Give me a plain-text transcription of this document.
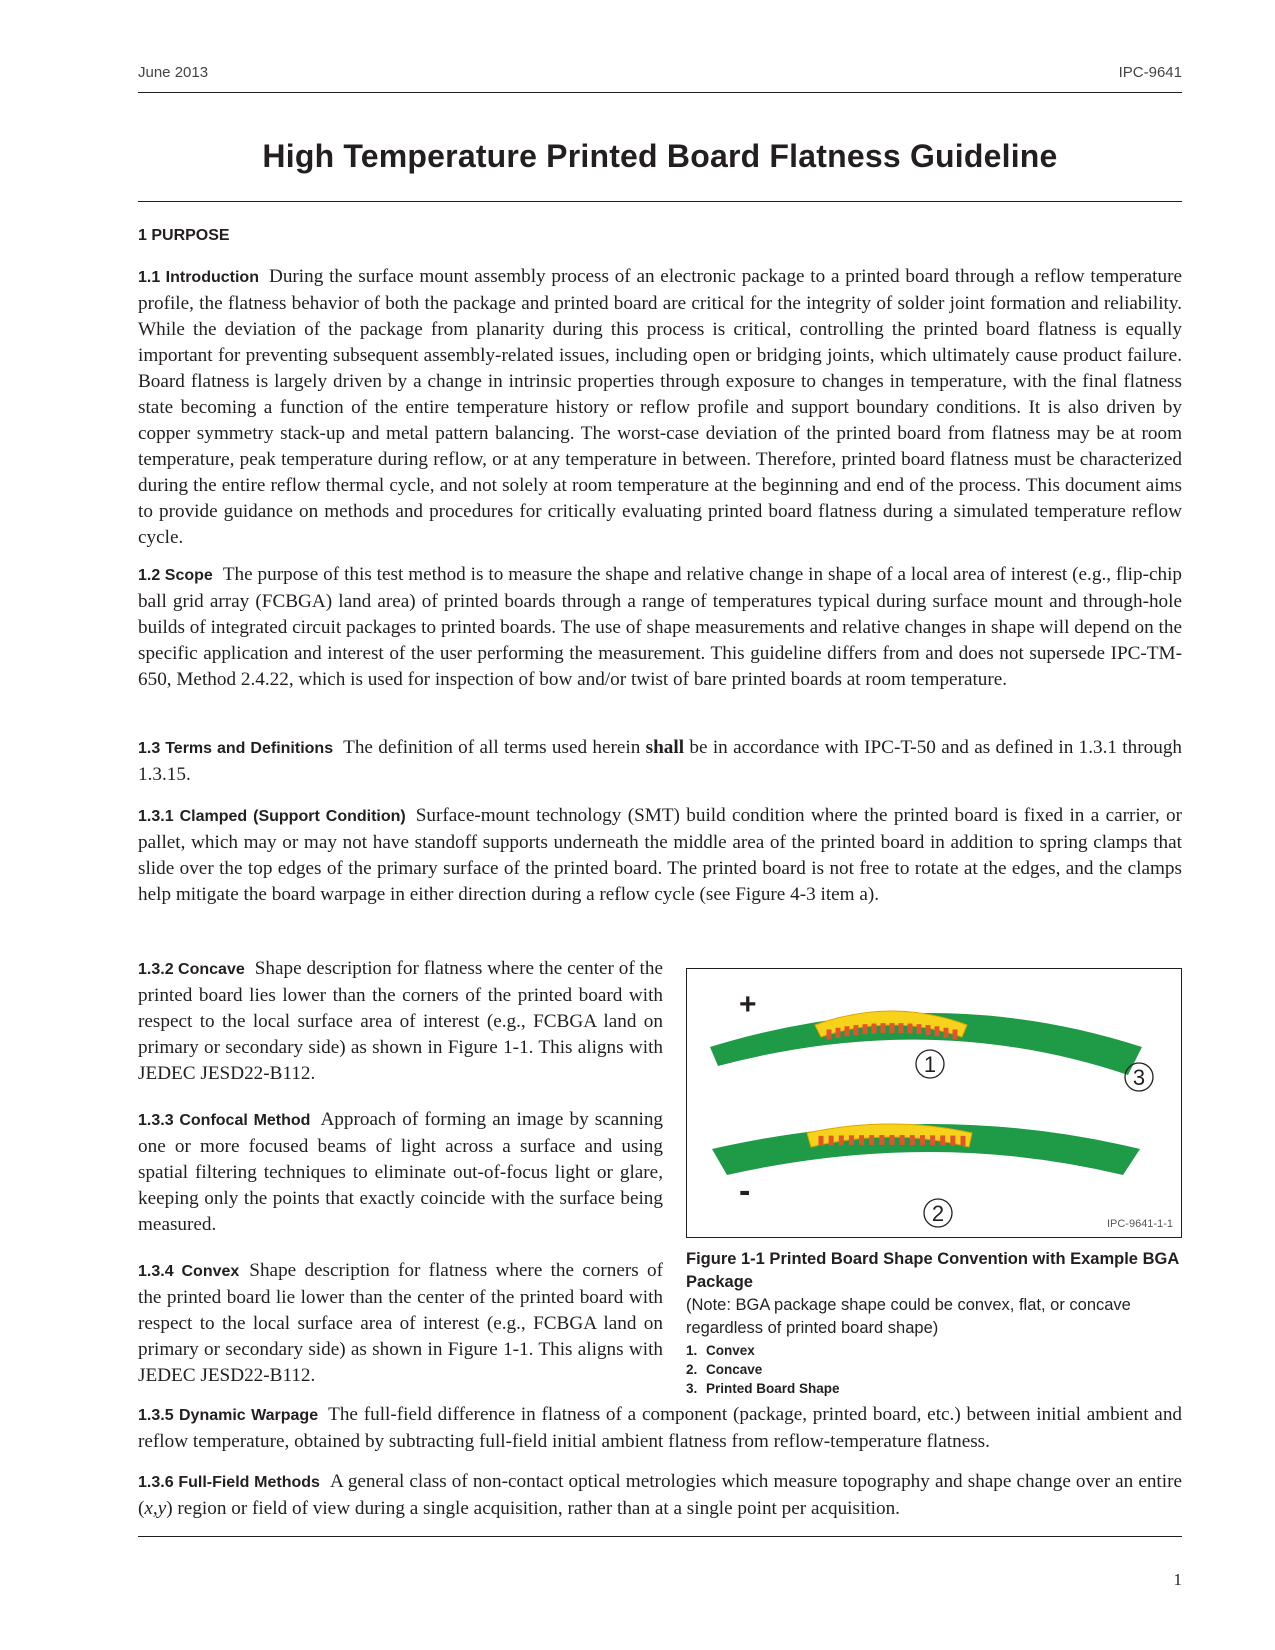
June 2013	IPC-9641
High Temperature Printed Board Flatness Guideline
1 PURPOSE
1.1 Introduction During the surface mount assembly process of an electronic package to a printed board through a reflow temperature profile, the flatness behavior of both the package and printed board are critical for the integrity of solder joint formation and reliability. While the deviation of the package from planarity during this process is critical, controlling the printed board flatness is equally important for preventing subsequent assembly-related issues, including open or bridging joints, which ultimately cause product failure. Board flatness is largely driven by a change in intrinsic properties through exposure to changes in temperature, with the final flatness state becoming a function of the entire temperature history or reflow profile and support boundary conditions. It is also driven by copper symmetry stack-up and metal pattern balancing. The worst-case deviation of the printed board from flatness may be at room temperature, peak temperature during reflow, or at any temperature in between. Therefore, printed board flatness must be characterized during the entire reflow thermal cycle, and not solely at room temperature at the beginning and end of the process. This document aims to provide guidance on methods and procedures for critically evaluating printed board flatness during a simulated temperature reflow cycle.
1.2 Scope The purpose of this test method is to measure the shape and relative change in shape of a local area of interest (e.g., flip-chip ball grid array (FCBGA) land area) of printed boards through a range of temperatures typical during surface mount and through-hole builds of integrated circuit packages to printed boards. The use of shape measurements and relative changes in shape will depend on the specific application and interest of the user performing the measurement. This guideline differs from and does not supersede IPC-TM-650, Method 2.4.22, which is used for inspection of bow and/or twist of bare printed boards at room temperature.
1.3 Terms and Definitions The definition of all terms used herein shall be in accordance with IPC-T-50 and as defined in 1.3.1 through 1.3.15.
1.3.1 Clamped (Support Condition) Surface-mount technology (SMT) build condition where the printed board is fixed in a carrier, or pallet, which may or may not have standoff supports underneath the middle area of the printed board in addition to spring clamps that slide over the top edges of the primary surface of the printed board. The printed board is not free to rotate at the edges, and the clamps help mitigate the board warpage in either direction during a reflow cycle (see Figure 4-3 item a).
1.3.2 Concave Shape description for flatness where the center of the printed board lies lower than the corners of the printed board with respect to the local surface area of interest (e.g., FCBGA land on primary or secondary side) as shown in Figure 1-1. This aligns with JEDEC JESD22-B112.
1.3.3 Confocal Method Approach of forming an image by scanning one or more focused beams of light across a surface and using spatial filtering techniques to eliminate out-of-focus light or glare, keeping only the points that exactly coincide with the surface being measured.
1.3.4 Convex Shape description for flatness where the corners of the printed board lie lower than the center of the printed board with respect to the local surface area of interest (e.g., FCBGA land on primary or secondary side) as shown in Figure 1-1. This aligns with JEDEC JESD22-B112.
+
1
3
-
2	IPC-9641-1-1
Figure 1-1 Printed Board Shape Convention with Example BGA Package
(Note: BGA package shape could be convex, flat, or concave regardless of printed board shape)
1. Convex
2. Concave
3. Printed Board Shape
1.3.5 Dynamic Warpage The full-field difference in flatness of a component (package, printed board, etc.) between initial ambient and reflow temperature, obtained by subtracting full-field initial ambient flatness from reflow-temperature flatness.
1.3.6 Full-Field Methods A general class of non-contact optical metrologies which measure topography and shape change over an entire (x,y) region or field of view during a single acquisition, rather than at a single point per acquisition.
1
